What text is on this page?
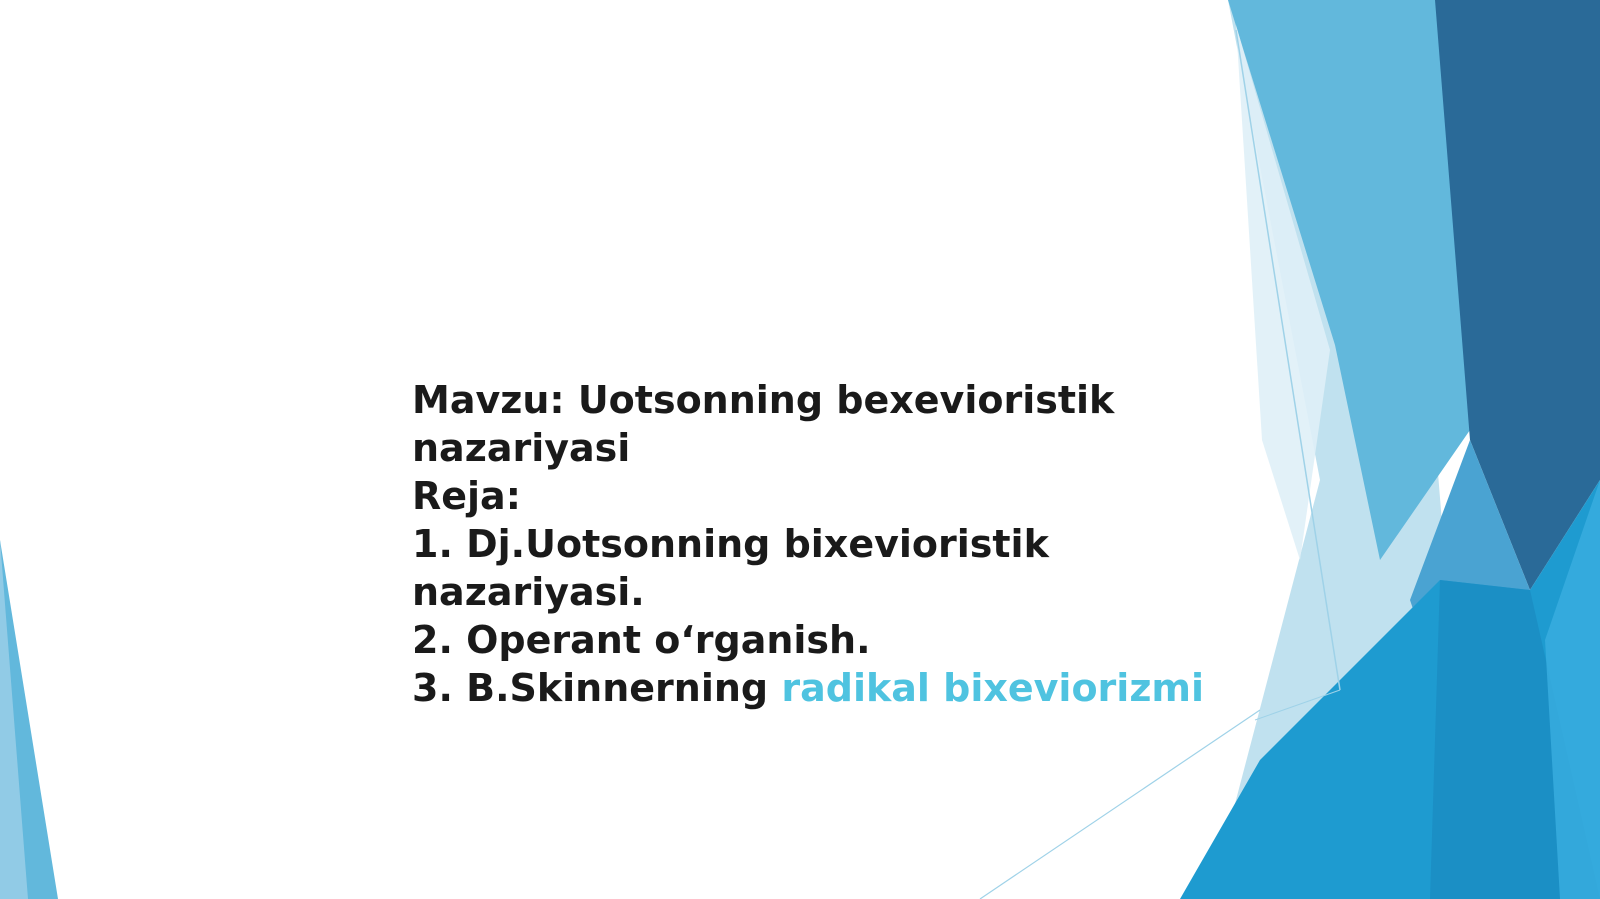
Mavzu: Uotsonning bexevioristik
nazariyasi
Reja:
1. Dj.Uotsonning bixevioristik
nazariyasi.
2. Operant o‘rganish.
3. B.Skinnerning radikal bixeviorizmi
